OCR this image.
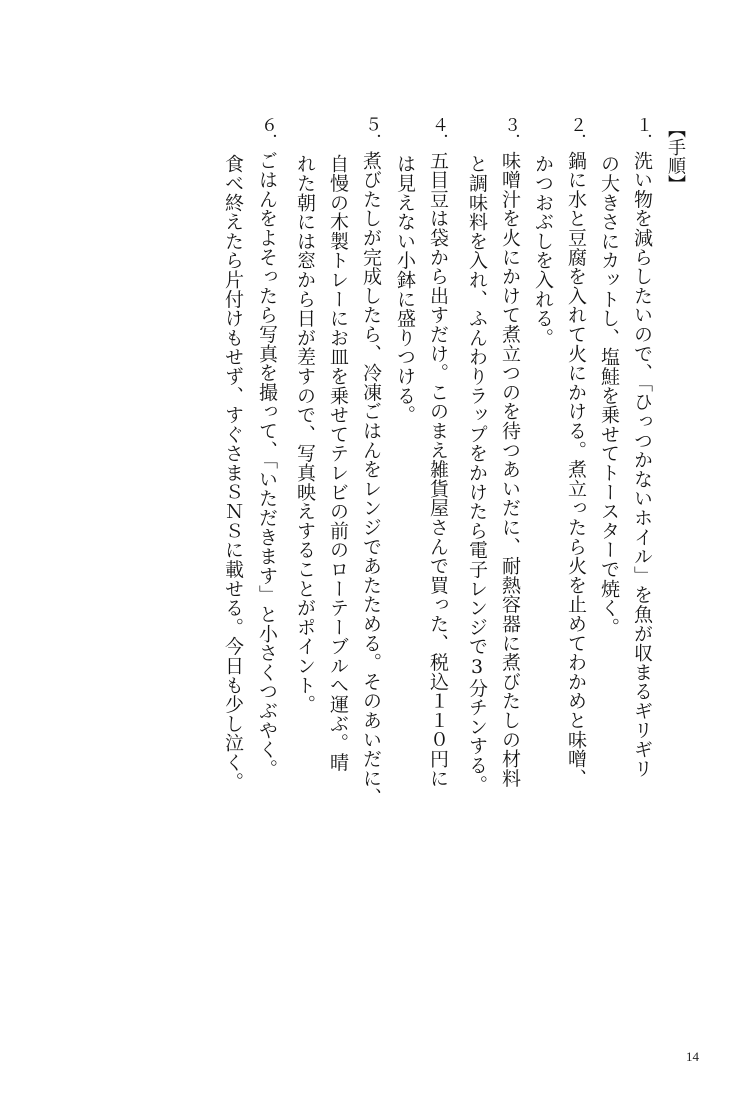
【手順】
１．洗い物を減らしたいので、「ひっつかないホイル」を魚が収まるギリギリ
の大きさにカットし、塩鮭を乗せてトースターで焼く。
２．鍋に水と豆腐を入れて火にかける。煮立ったら火を止めてわかめと味噌、
かつおぶしを入れる。
３．味噌汁を火にかけて煮立つのを待つあいだに、耐熱容器に煮びたしの材料
と調味料を入れ、ふんわりラップをかけたら電子レンジで3分チンする。
４．五目豆は袋から出すだけ。このまえ雑貨屋さんで買った、税込１１０円に
は見えない小鉢に盛りつける。
５．煮びたしが完成したら、冷凍ごはんをレンジであたためる。そのあいだに、
自慢の木製トレーにお皿を乗せてテレビの前のローテーブルへ運ぶ。晴
れた朝には窓から日が差すので、写真映えすることがポイント。
６．ごはんをよそったら写真を撮って、「いただきます」と小さくつぶやく。
食べ終えたら片付けもせず、すぐさまＳＮＳに載せる。今日も少し泣く。
14
